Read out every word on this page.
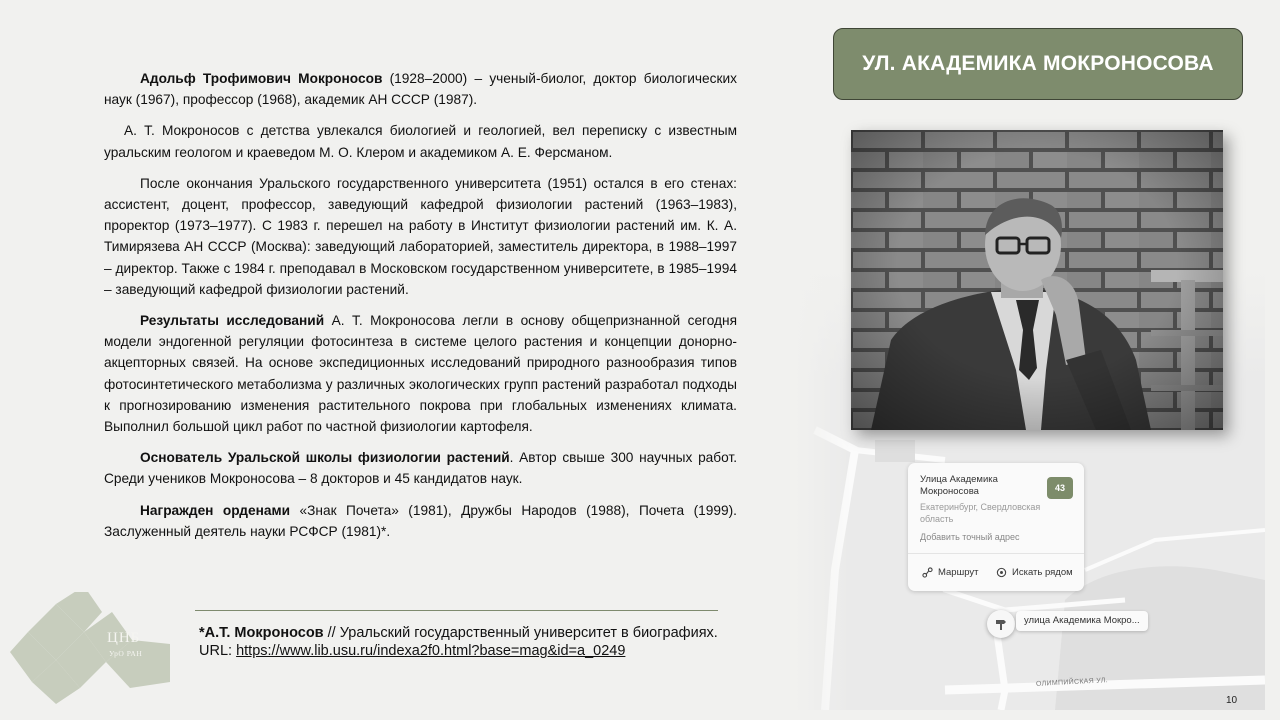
УЛ. АКАДЕМИКА МОКРОНОСОВА

Адольф Трофимович Мокроносов (1928–2000) – ученый-биолог, доктор биологических наук (1967), профессор (1968), академик АН СССР (1987).

А. Т. Мокроносов с детства увлекался биологией и геологией, вел переписку с известным уральским геологом и краеведом М. О. Клером и академиком А. Е. Ферсманом.

После окончания Уральского государственного университета (1951) остался в его стенах: ассистент, доцент, профессор, заведующий кафедрой физиологии растений (1963–1983), проректор (1973–1977). С 1983 г. перешел на работу в Институт физиологии растений им. К. А. Тимирязева АН СССР (Москва): заведующий лабораторией, заместитель директора, в 1988–1997 – директор. Также с 1984 г. преподавал в Московском государственном университете, в 1985–1994 – заведующий кафедрой физиологии растений.

Результаты исследований А. Т. Мокроносова легли в основу общепризнанной сегодня модели эндогенной регуляции фотосинтеза в системе целого растения и концепции донорно-акцепторных связей. На основе экспедиционных исследований природного разнообразия типов фотосинтетического метаболизма у различных экологических групп растений разработал подходы к прогнозированию изменения растительного покрова при глобальных изменениях климата. Выполнил большой цикл работ по частной физиологии картофеля.

Основатель Уральской школы физиологии растений. Автор свыше 300 научных работ. Среди учеников Мокроносова – 8 докторов и 45 кандидатов наук.

Награжден орденами «Знак Почета» (1981), Дружбы Народов (1988), Почета (1999). Заслуженный деятель науки РСФСР (1981)*.

Улица Академика Мокроносова	43
Екатеринбург, Свердловская область
Добавить точный адрес
Маршрут	Искать рядом
улица Академика Мокро...
ОЛИМПИЙСКАЯ УЛ.
*А.Т. Мокроносов // Уральский государственный университет в биографиях.
URL: https://www.lib.usu.ru/indexa2f0.html?base=mag&id=a_0249
ЦНБ
УрО РАН
10
